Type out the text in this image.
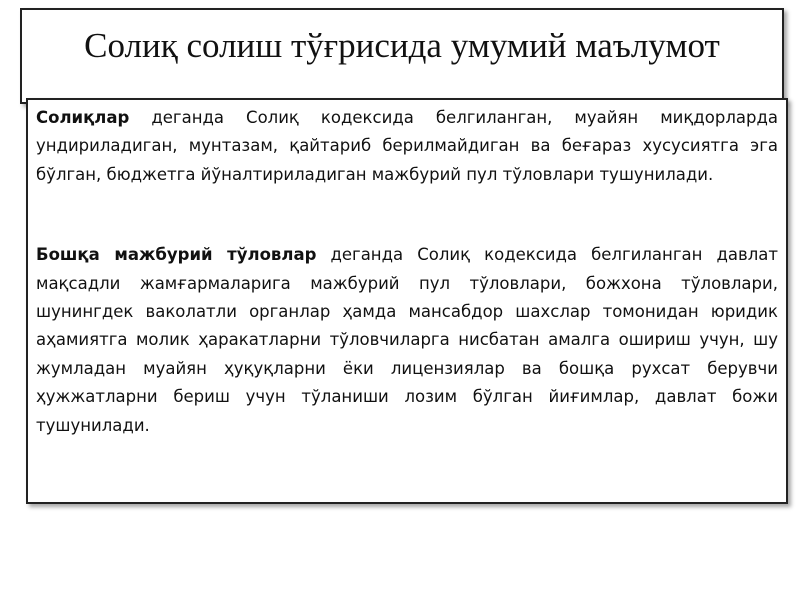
Солиқ солиш тўғрисида умумий маълумот

Солиқлар деганда Солиқ кодексида белгиланган, муайян миқдорларда ундириладиган, мунтазам, қайтариб берилмайдиган ва беғараз хусусиятга эга бўлган, бюджетга йўналтириладиган мажбурий пул тўловлари тушунилади.

Бошқа мажбурий тўловлар деганда Солиқ кодексида белгиланган давлат мақсадли жамғармаларига мажбурий пул тўловлари, божхона тўловлари, шунингдек ваколатли органлар ҳамда мансабдор шахслар томонидан юридик аҳамиятга молик ҳаракатларни тўловчиларга нисбатан амалга ошириш учун, шу жумладан муайян ҳуқуқларни ёки лицензиялар ва бошқа рухсат берувчи ҳужжатларни бериш учун тўланиши лозим бўлган йиғимлар, давлат божи тушунилади.
